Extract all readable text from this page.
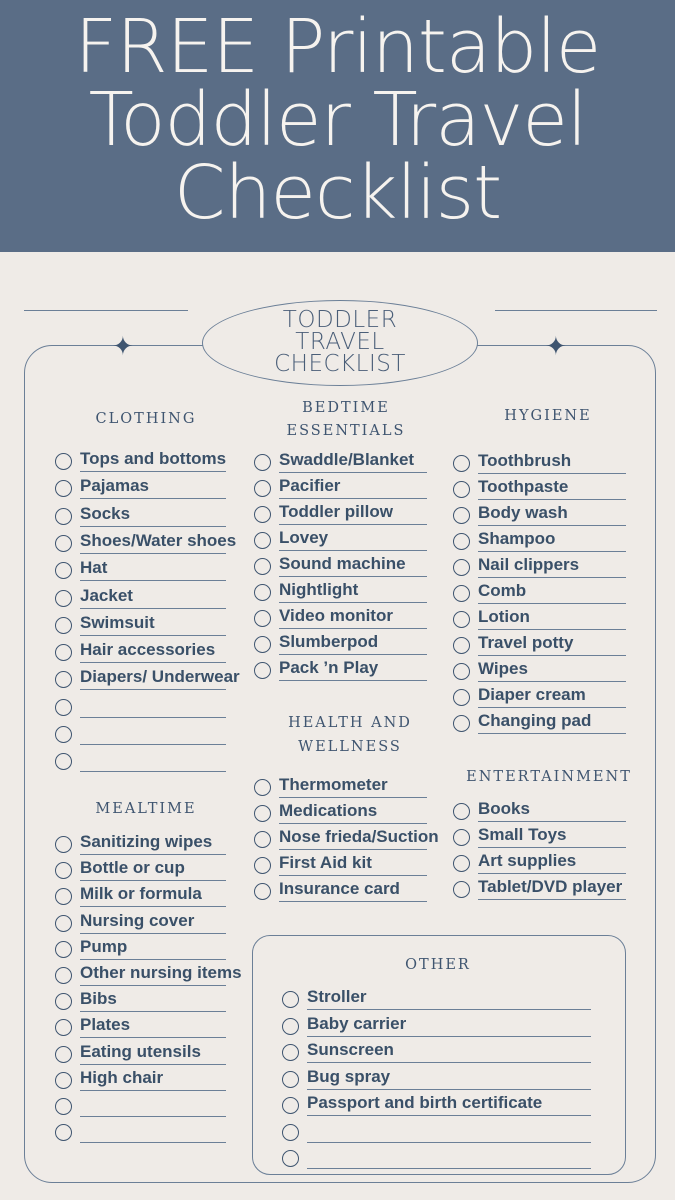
FREE Printable
Toddler Travel
Checklist
✦	✦
TODDLER
TRAVEL
CHECKLIST
CLOTHING
BEDTIME
ESSENTIALS
HYGIENE
MEALTIME
HEALTH AND
WELLNESS
ENTERTAINMENT
OTHER
Tops and bottoms
Pajamas
Socks
Shoes/Water shoes
Hat
Jacket
Swimsuit
Hair accessories
Diapers/ Underwear
Sanitizing wipes
Bottle or cup
Milk or formula
Nursing cover
Pump
Other nursing items
Bibs
Plates
Eating utensils
High chair
Swaddle/Blanket
Pacifier
Toddler pillow
Lovey
Sound machine
Nightlight
Video monitor
Slumberpod
Pack ’n Play
Thermometer
Medications
Nose frieda/Suction
First Aid kit
Insurance card
Toothbrush
Toothpaste
Body wash
Shampoo
Nail clippers
Comb
Lotion
Travel potty
Wipes
Diaper cream
Changing pad
Books
Small Toys
Art supplies
Tablet/DVD player
Stroller
Baby carrier
Sunscreen
Bug spray
Passport and birth certificate
